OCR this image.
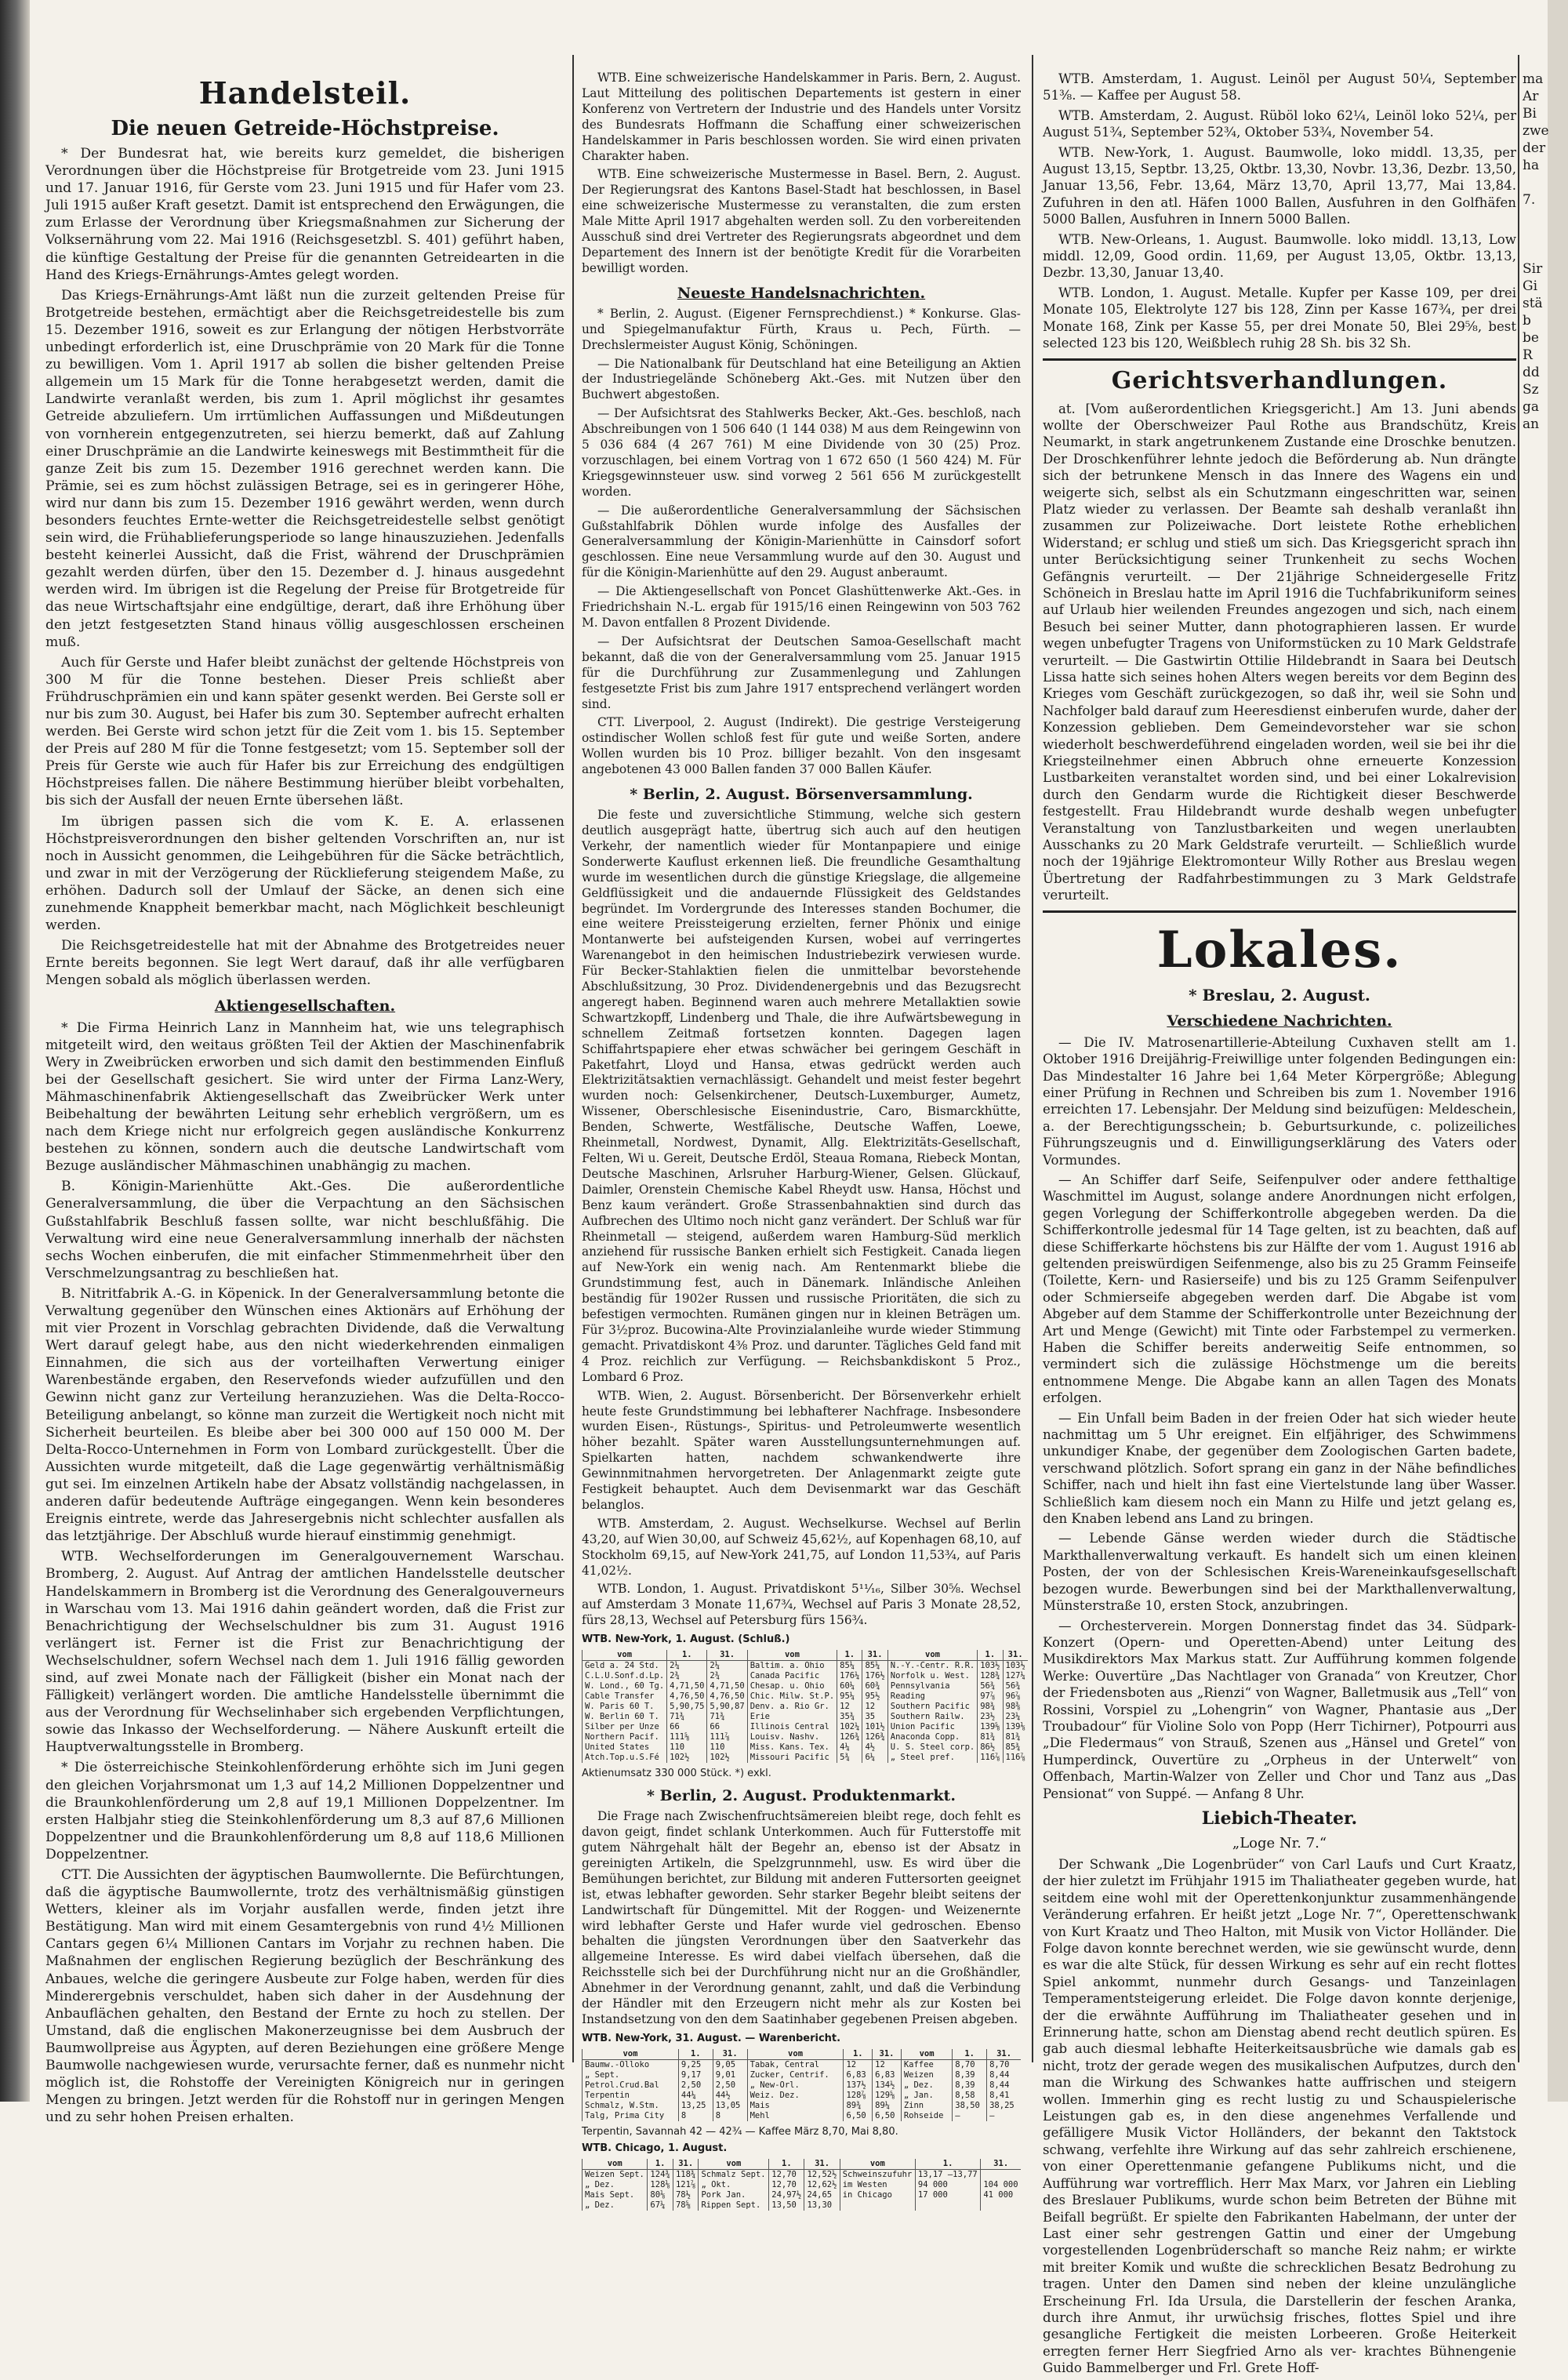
Handelsteil.
Die neuen Getreide-Höchstpreise.

* Der Bundesrat hat, wie bereits kurz gemeldet, die bisherigen Verordnungen über die Höchstpreise für Brotgetreide vom 23. Juni 1915 und 17. Januar 1916, für Gerste vom 23. Juni 1915 und für Hafer vom 23. Juli 1915 außer Kraft gesetzt. Damit ist entsprechend den Erwägungen, die zum Erlasse der Verordnung über Kriegsmaßnahmen zur Sicherung der Volksernährung vom 22. Mai 1916 (Reichsgesetzbl. S. 401) geführt haben, die künftige Gestaltung der Preise für die genannten Getreidearten in die Hand des Kriegs-Ernährungs-Amtes gelegt worden.

Das Kriegs-Ernährungs-Amt läßt nun die zurzeit geltenden Preise für Brotgetreide bestehen, ermächtigt aber die Reichsgetreidestelle bis zum 15. Dezember 1916, soweit es zur Erlangung der nötigen Herbstvorräte unbedingt erforderlich ist, eine Druschprämie von 20 Mark für die Tonne zu bewilligen. Vom 1. April 1917 ab sollen die bisher geltenden Preise allgemein um 15 Mark für die Tonne herabgesetzt werden, damit die Landwirte veranlaßt werden, bis zum 1. April möglichst ihr gesamtes Getreide abzuliefern. Um irrtümlichen Auffassungen und Mißdeutungen von vornherein entgegenzutreten, sei hierzu bemerkt, daß auf Zahlung einer Druschprämie an die Landwirte keineswegs mit Bestimmtheit für die ganze Zeit bis zum 15. Dezember 1916 gerechnet werden kann. Die Prämie, sei es zum höchst zulässigen Betrage, sei es in geringerer Höhe, wird nur dann bis zum 15. Dezember 1916 gewährt werden, wenn durch besonders feuchtes Ernte-wetter die Reichsgetreidestelle selbst genötigt sein wird, die Frühablieferungsperiode so lange hinauszuziehen. Jedenfalls besteht keinerlei Aussicht, daß die Frist, während der Druschprämien gezahlt werden dürfen, über den 15. Dezember d. J. hinaus ausgedehnt werden wird. Im übrigen ist die Regelung der Preise für Brotgetreide für das neue Wirtschaftsjahr eine endgültige, derart, daß ihre Erhöhung über den jetzt festgesetzten Stand hinaus völlig ausgeschlossen erscheinen muß.

Auch für Gerste und Hafer bleibt zunächst der geltende Höchstpreis von 300 M für die Tonne bestehen. Dieser Preis schließt aber Frühdruschprämien ein und kann später gesenkt werden. Bei Gerste soll er nur bis zum 30. August, bei Hafer bis zum 30. September aufrecht erhalten werden. Bei Gerste wird schon jetzt für die Zeit vom 1. bis 15. September der Preis auf 280 M für die Tonne festgesetzt; vom 15. September soll der Preis für Gerste wie auch für Hafer bis zur Erreichung des endgültigen Höchstpreises fallen. Die nähere Bestimmung hierüber bleibt vorbehalten, bis sich der Ausfall der neuen Ernte übersehen läßt.

Im übrigen passen sich die vom K. E. A. erlassenen Höchstpreisverordnungen den bisher geltenden Vorschriften an, nur ist noch in Aussicht genommen, die Leihgebühren für die Säcke beträchtlich, und zwar in mit der Verzögerung der Rücklieferung steigendem Maße, zu erhöhen. Dadurch soll der Umlauf der Säcke, an denen sich eine zunehmende Knappheit bemerkbar macht, nach Möglichkeit beschleunigt werden.

Die Reichsgetreidestelle hat mit der Abnahme des Brotgetreides neuer Ernte bereits begonnen. Sie legt Wert darauf, daß ihr alle verfügbaren Mengen sobald als möglich überlassen werden.

Aktiengesellschaften.

* Die Firma Heinrich Lanz in Mannheim hat, wie uns telegraphisch mitgeteilt wird, den weitaus größten Teil der Aktien der Maschinenfabrik Wery in Zweibrücken erworben und sich damit den bestimmenden Einfluß bei der Gesellschaft gesichert. Sie wird unter der Firma Lanz-Wery, Mähmaschinenfabrik Aktiengesellschaft das Zweibrücker Werk unter Beibehaltung der bewährten Leitung sehr erheblich vergrößern, um es nach dem Kriege nicht nur erfolgreich gegen ausländische Konkurrenz bestehen zu können, sondern auch die deutsche Landwirtschaft vom Bezuge ausländischer Mähmaschinen unabhängig zu machen.

B. Königin-Marienhütte Akt.-Ges. Die außerordentliche Generalversammlung, die über die Verpachtung an den Sächsischen Gußstahlfabrik Beschluß fassen sollte, war nicht beschlußfähig. Die Verwaltung wird eine neue Generalversammlung innerhalb der nächsten sechs Wochen einberufen, die mit einfacher Stimmenmehrheit über den Verschmelzungsantrag zu beschließen hat.

B. Nitritfabrik A.-G. in Köpenick. In der Generalversammlung betonte die Verwaltung gegenüber den Wünschen eines Aktionärs auf Erhöhung der mit vier Prozent in Vorschlag gebrachten Dividende, daß die Verwaltung Wert darauf gelegt habe, aus den nicht wiederkehrenden einmaligen Einnahmen, die sich aus der vorteilhaften Verwertung einiger Warenbestände ergaben, den Reservefonds wieder aufzufüllen und den Gewinn nicht ganz zur Verteilung heranzuziehen. Was die Delta-Rocco-Beteiligung anbelangt, so könne man zurzeit die Wertigkeit noch nicht mit Sicherheit beurteilen. Es bleibe aber bei 300 000 auf 150 000 M. Der Delta-Rocco-Unternehmen in Form von Lombard zurückgestellt. Über die Aussichten wurde mitgeteilt, daß die Lage gegenwärtig verhältnismäßig gut sei. Im einzelnen Artikeln habe der Absatz vollständig nachgelassen, in anderen dafür bedeutende Aufträge eingegangen. Wenn kein besonderes Ereignis eintrete, werde das Jahresergebnis nicht schlechter ausfallen als das letztjährige. Der Abschluß wurde hierauf einstimmig genehmigt.

WTB. Wechselforderungen im Generalgouvernement Warschau. Bromberg, 2. August. Auf Antrag der amtlichen Handelsstelle deutscher Handelskammern in Bromberg ist die Verordnung des Generalgouverneurs in Warschau vom 13. Mai 1916 dahin geändert worden, daß die Frist zur Benachrichtigung der Wechselschuldner bis zum 31. August 1916 verlängert ist. Ferner ist die Frist zur Benachrichtigung der Wechselschuldner, sofern Wechsel nach dem 1. Juli 1916 fällig geworden sind, auf zwei Monate nach der Fälligkeit (bisher ein Monat nach der Fälligkeit) verlängert worden. Die amtliche Handelsstelle übernimmt die aus der Verordnung für Wechselinhaber sich ergebenden Verpflichtungen, sowie das Inkasso der Wechselforderung. — Nähere Auskunft erteilt die Hauptverwaltungsstelle in Bromberg.

* Die österreichische Steinkohlenförderung erhöhte sich im Juni gegen den gleichen Vorjahrsmonat um 1,3 auf 14,2 Millionen Doppelzentner und die Braunkohlenförderung um 2,8 auf 19,1 Millionen Doppelzentner. Im ersten Halbjahr stieg die Steinkohlenförderung um 8,3 auf 87,6 Millionen Doppelzentner und die Braunkohlenförderung um 8,8 auf 118,6 Millionen Doppelzentner.

CTT. Die Aussichten der ägyptischen Baumwollernte. Die Befürchtungen, daß die ägyptische Baumwollernte, trotz des verhältnismäßig günstigen Wetters, kleiner als im Vorjahr ausfallen werde, finden jetzt ihre Bestätigung. Man wird mit einem Gesamtergebnis von rund 4½ Millionen Cantars gegen 6¼ Millionen Cantars im Vorjahr zu rechnen haben. Die Maßnahmen der englischen Regierung bezüglich der Beschränkung des Anbaues, welche die geringere Ausbeute zur Folge haben, werden für dies Minderergebnis verschuldet, haben sich daher in der Ausdehnung der Anbauflächen gehalten, den Bestand der Ernte zu hoch zu stellen. Der Umstand, daß die englischen Makonerzeugnisse bei dem Ausbruch der Baumwollpreise aus Ägypten, auf deren Beziehungen eine größere Menge Baumwolle nachgewiesen wurde, verursachte ferner, daß es nunmehr nicht möglich ist, die Rohstoffe der Vereinigten Königreich nur in geringen Mengen zu bringen. Jetzt werden für die Rohstoff nur in geringen Mengen und zu sehr hohen Preisen erhalten.

WTB. Eine schweizerische Handelskammer in Paris. Bern, 2. August. Laut Mitteilung des politischen Departements ist gestern in einer Konferenz von Vertretern der Industrie und des Handels unter Vorsitz des Bundesrats Hoffmann die Schaffung einer schweizerischen Handelskammer in Paris beschlossen worden. Sie wird einen privaten Charakter haben.

WTB. Eine schweizerische Mustermesse in Basel. Bern, 2. August. Der Regierungsrat des Kantons Basel-Stadt hat beschlossen, in Basel eine schweizerische Mustermesse zu veranstalten, die zum ersten Male Mitte April 1917 abgehalten werden soll. Zu den vorbereitenden Ausschuß sind drei Vertreter des Regierungsrats abgeordnet und dem Departement des Innern ist der benötigte Kredit für die Vorarbeiten bewilligt worden.

Neueste Handelsnachrichten.

* Berlin, 2. August. (Eigener Fernsprechdienst.) * Konkurse. Glas- und Spiegelmanufaktur Fürth, Kraus u. Pech, Fürth. — Drechslermeister August König, Schöningen.

— Die Nationalbank für Deutschland hat eine Beteiligung an Aktien der Industriegelände Schöneberg Akt.-Ges. mit Nutzen über den Buchwert abgestoßen.

— Der Aufsichtsrat des Stahlwerks Becker, Akt.-Ges. beschloß, nach Abschreibungen von 1 506 640 (1 144 038) M aus dem Reingewinn von 5 036 684 (4 267 761) M eine Dividende von 30 (25) Proz. vorzuschlagen, bei einem Vortrag von 1 672 650 (1 560 424) M. Für Kriegsgewinnsteuer usw. sind vorweg 2 561 656 M zurückgestellt worden.

— Die außerordentliche Generalversammlung der Sächsischen Gußstahlfabrik Döhlen wurde infolge des Ausfalles der Generalversammlung der Königin-Marienhütte in Cainsdorf sofort geschlossen. Eine neue Versammlung wurde auf den 30. August und für die Königin-Marienhütte auf den 29. August anberaumt.

— Die Aktiengesellschaft von Poncet Glashüttenwerke Akt.-Ges. in Friedrichshain N.-L. ergab für 1915/16 einen Reingewinn von 503 762 M. Davon entfallen 8 Prozent Dividende.

— Der Aufsichtsrat der Deutschen Samoa-Gesellschaft macht bekannt, daß die von der Generalversammlung vom 25. Januar 1915 für die Durchführung zur Zusammenlegung und Zahlungen festgesetzte Frist bis zum Jahre 1917 entsprechend verlängert worden sind.

CTT. Liverpool, 2. August (Indirekt). Die gestrige Versteigerung ostindischer Wollen schloß fest für gute und weiße Sorten, andere Wollen wurden bis 10 Proz. billiger bezahlt. Von den insgesamt angebotenen 43 000 Ballen fanden 37 000 Ballen Käufer.

* Berlin, 2. August. Börsenversammlung.

Die feste und zuversichtliche Stimmung, welche sich gestern deutlich ausgeprägt hatte, übertrug sich auch auf den heutigen Verkehr, der namentlich wieder für Montanpapiere und einige Sonderwerte Kauflust erkennen ließ. Die freundliche Gesamthaltung wurde im wesentlichen durch die günstige Kriegslage, die allgemeine Geldflüssigkeit und die andauernde Flüssigkeit des Geldstandes begründet. Im Vordergrunde des Interesses standen Bochumer, die eine weitere Preissteigerung erzielten, ferner Phönix und einige Montanwerte bei aufsteigenden Kursen, wobei auf verringertes Warenangebot in den heimischen Industriebezirk verwiesen wurde. Für Becker-Stahlaktien fielen die unmittelbar bevorstehende Abschlußsitzung, 30 Proz. Dividendenergebnis und das Bezugsrecht angeregt haben. Beginnend waren auch mehrere Metallaktien sowie Schwartzkopff, Lindenberg und Thale, die ihre Aufwärtsbewegung in schnellem Zeitmaß fortsetzen konnten. Dagegen lagen Schiffahrtspapiere eher etwas schwächer bei geringem Geschäft in Paketfahrt, Lloyd und Hansa, etwas gedrückt werden auch Elektrizitätsaktien vernachlässigt. Gehandelt und meist fester begehrt wurden noch: Gelsenkirchener, Deutsch-Luxemburger, Aumetz, Wissener, Oberschlesische Eisenindustrie, Caro, Bismarckhütte, Benden, Schwerte, Westfälische, Deutsche Waffen, Loewe, Rheinmetall, Nordwest, Dynamit, Allg. Elektrizitäts-Gesellschaft, Felten, Wi u. Gereit, Deutsche Erdöl, Steaua Romana, Riebeck Montan, Deutsche Maschinen, Arlsruher Harburg-Wiener, Gelsen. Glückauf, Daimler, Orenstein Chemische Kabel Rheydt usw. Hansa, Höchst und Benz kaum verändert. Große Strassenbahnaktien sind durch das Aufbrechen des Ultimo noch nicht ganz verändert. Der Schluß war für Rheinmetall — steigend, außerdem waren Hamburg-Süd merklich anziehend für russische Banken erhielt sich Festigkeit. Canada liegen auf New-York ein wenig nach. Am Rentenmarkt bliebe die Grundstimmung fest, auch in Dänemark. Inländische Anleihen beständig für 1902er Russen und russische Prioritäten, die sich zu befestigen vermochten. Rumänen gingen nur in kleinen Beträgen um. Für 3½proz. Bucowina-Alte Provinzialanleihe wurde wieder Stimmung gemacht. Privatdiskont 4⅜ Proz. und darunter. Tägliches Geld fand mit 4 Proz. reichlich zur Verfügung. — Reichsbankdiskont 5 Proz., Lombard 6 Proz.

WTB. Wien, 2. August. Börsenbericht. Der Börsenverkehr erhielt heute feste Grundstimmung bei lebhafterer Nachfrage. Insbesondere wurden Eisen-, Rüstungs-, Spiritus- und Petroleumwerte wesentlich höher bezahlt. Später waren Ausstellungsunternehmungen auf. Spielkarten hatten, nachdem schwankendwerte ihre Gewinnmitnahmen hervorgetreten. Der Anlagenmarkt zeigte gute Festigkeit behauptet. Auch dem Devisenmarkt war das Geschäft belanglos.

WTB. Amsterdam, 2. August. Wechselkurse. Wechsel auf Berlin 43,20, auf Wien 30,00, auf Schweiz 45,62½, auf Kopenhagen 68,10, auf Stockholm 69,15, auf New-York 241,75, auf London 11,53¾, auf Paris 41,02½.

WTB. London, 1. August. Privatdiskont 5¹¹⁄₁₆, Silber 30⅝. Wechsel auf Amsterdam 3 Monate 11,67¾, Wechsel auf Paris 3 Monate 28,52, fürs 28,13, Wechsel auf Petersburg fürs 156¾.

WTB. New-York, 1. August. (Schluß.)
vom	1.	31.	vom	1.	31.	vom	1.	31.
Geld a. 24 Std.	2¼	2¼	Baltim. a. Ohio	85¼	85¼	N.-Y.-Centr. R.R.	103½	103½
C.L.U.Sonf.d.Lp.	2¾	2¾	Canada Pacific	176¼	176½	Norfolk u. West.	128¾	127¼
W. Lond., 60 Tg.	4,71,50	4,71,50	Chesap. u. Ohio	60¼	60¾	Pennsylvania	56¾	56¾
Cable Transfer	4,76,50	4,76,50	Chic. Milw. St.P.	95¼	95½	Reading	97⅞	96⅞
W. Paris 60 T.	5,90,75	5,90,87	Denv. a. Rio Gr.	12	12	Southern Pacific	98¾	98⅜
W. Berlin 60 T.	71¾	71¾	Erie	35¾	35	Southern Railw.	23½	23¼
Silber per Unze	66	66	Illinois Central	102¼	101½	Union Pacific	139⅝	139⅛
Northern Pacif.	111⅝	111⅞	Louisv. Nashv.	126¾	126¾	Anaconda Copp.	81¾	81¾
United States	110	110	Miss. Kans. Tex.	4¼	4½	U. S. Steel corp.	86½	85¾
Atch.Top.u.S.Fé	102½	102½	Missouri Pacific	5¾	6¼	„ Steel pref.	116⅞	116⅞
Aktienumsatz 330 000 Stück. *) exkl.
* Berlin, 2. August. Produktenmarkt.

Die Frage nach Zwischenfruchtsämereien bleibt rege, doch fehlt es davon geigt, findet schlank Unterkommen. Auch für Futterstoffe mit gutem Nährgehalt hält der Begehr an, ebenso ist der Absatz in gereinigten Artikeln, die Spelzgrunnmehl, usw. Es wird über die Bemühungen berichtet, zur Bildung mit anderen Futtersorten geeignet ist, etwas lebhafter geworden. Sehr starker Begehr bleibt seitens der Landwirtschaft für Düngemittel. Mit der Roggen- und Weizenernte wird lebhafter Gerste und Hafer wurde viel gedroschen. Ebenso behalten die jüngsten Verordnungen über den Saatverkehr das allgemeine Interesse. Es wird dabei vielfach übersehen, daß die Reichsstelle sich bei der Durchführung nicht nur an die Großhändler, Abnehmer in der Verordnung genannt, zahlt, und daß die Verbindung der Händler mit den Erzeugern nicht mehr als zur Kosten bei Instandsetzung von den dem Saatinhaber gegebenen Preisen abgeben.

WTB. New-York, 31. August. — Warenbericht.
vom	1.	31.	vom	1.	31.	vom	1.	31.
Baumw.-Olloko	9,25	9,05	Tabak, Central	12	12	Kaffee	8,70	8,70
„ Sept.	9,17	9,01	Zucker, Centrif.	6,83	6,83	Weizen	8,39	8,44
Petrol.Crud.Bal	2,50	2,50	„ New-Orl.	137½	134½	„ Dez.	8,39	8,44
Terpentin	44¼	44½	Weiz. Dez.	128⅞	129⅝	„ Jan.	8,58	8,41
Schmalz, W.Stm.	13,25	13,05	Mais	89¾	89¼	Zinn	38,50	38,25
Talg, Prima City	8	8	Mehl	6,50	6,50	Rohseide	—	—
Terpentin, Savannah 42 — 42¾ — Kaffee März 8,70, Mai 8,80.
WTB. Chicago, 1. August.
vom	1.	31.	vom	1.	31.	vom	1.	31.
Weizen Sept.	124¾	118¾	Schmalz Sept.	12,70	12,52½	Schweinszufuhr	13,17 —13,77	
„ Dez.	128⅛	121⅞	„ Okt.	12,70	12,62½	im Westen	94 000	104 000
Mais Sept.	80⅛	78½	Pork Jan.	24,97½	24,65	in Chicago	17 000	41 000
„ Dez.	67¼	78⅝	Rippen Sept.	13,50	13,30			

WTB. Amsterdam, 1. August. Leinöl per August 50¼, September 51⅜. — Kaffee per August 58.

WTB. Amsterdam, 2. August. Rüböl loko 62¼, Leinöl loko 52¼, per August 51¾, September 52¾, Oktober 53¾, November 54.

WTB. New-York, 1. August. Baumwolle, loko middl. 13,35, per August 13,15, Septbr. 13,25, Oktbr. 13,30, Novbr. 13,36, Dezbr. 13,50, Januar 13,56, Febr. 13,64, März 13,70, April 13,77, Mai 13,84. Zufuhren in den atl. Häfen 1000 Ballen, Ausfuhren in den Golfhäfen 5000 Ballen, Ausfuhren in Innern 5000 Ballen.

WTB. New-Orleans, 1. August. Baumwolle. loko middl. 13,13, Low middl. 12,09, Good ordin. 11,69, per August 13,05, Oktbr. 13,13, Dezbr. 13,30, Januar 13,40.

WTB. London, 1. August. Metalle. Kupfer per Kasse 109, per drei Monate 105, Elektrolyte 127 bis 128, Zinn per Kasse 167¾, per drei Monate 168, Zink per Kasse 55, per drei Monate 50, Blei 29⅝, best selected 123 bis 120, Weißblech ruhig 28 Sh. bis 32 Sh.

Gerichtsverhandlungen.

at. [Vom außerordentlichen Kriegsgericht.] Am 13. Juni abends wollte der Oberschweizer Paul Rothe aus Brandschütz, Kreis Neumarkt, in stark angetrunkenem Zustande eine Droschke benutzen. Der Droschkenführer lehnte jedoch die Beförderung ab. Nun drängte sich der betrunkene Mensch in das Innere des Wagens ein und weigerte sich, selbst als ein Schutzmann eingeschritten war, seinen Platz wieder zu verlassen. Der Beamte sah deshalb veranlaßt ihn zusammen zur Polizeiwache. Dort leistete Rothe erheblichen Widerstand; er schlug und stieß um sich. Das Kriegsgericht sprach ihn unter Berücksichtigung seiner Trunkenheit zu sechs Wochen Gefängnis verurteilt. — Der 21jährige Schneidergeselle Fritz Schöneich in Breslau hatte im April 1916 die Tuchfabrikuniform seines auf Urlaub hier weilenden Freundes angezogen und sich, nach einem Besuch bei seiner Mutter, dann photographieren lassen. Er wurde wegen unbefugter Tragens von Uniformstücken zu 10 Mark Geldstrafe verurteilt. — Die Gastwirtin Ottilie Hildebrandt in Saara bei Deutsch Lissa hatte sich seines hohen Alters wegen bereits vor dem Beginn des Krieges vom Geschäft zurückgezogen, so daß ihr, weil sie Sohn und Nachfolger bald darauf zum Heeresdienst einberufen wurde, daher der Konzession geblieben. Dem Gemeindevorsteher war sie schon wiederholt beschwerdeführend eingeladen worden, weil sie bei ihr die Kriegsteilnehmer einen Abbruch ohne erneuerte Konzession Lustbarkeiten veranstaltet worden sind, und bei einer Lokalrevision durch den Gendarm wurde die Richtigkeit dieser Beschwerde festgestellt. Frau Hildebrandt wurde deshalb wegen unbefugter Veranstaltung von Tanzlustbarkeiten und wegen unerlaubten Ausschanks zu 20 Mark Geldstrafe verurteilt. — Schließlich wurde noch der 19jährige Elektromonteur Willy Rother aus Breslau wegen Übertretung der Radfahrbestimmungen zu 3 Mark Geldstrafe verurteilt.

Lokales.
* Breslau, 2. August.
Verschiedene Nachrichten.

— Die IV. Matrosenartillerie-Abteilung Cuxhaven stellt am 1. Oktober 1916 Dreijährig-Freiwillige unter folgenden Bedingungen ein: Das Mindestalter 16 Jahre bei 1,64 Meter Körpergröße; Ablegung einer Prüfung in Rechnen und Schreiben bis zum 1. November 1916 erreichten 17. Lebensjahr. Der Meldung sind beizufügen: Meldeschein, a. der Berechtigungsschein; b. Geburtsurkunde, c. polizeiliches Führungszeugnis und d. Einwilligungserklärung des Vaters oder Vormundes.

— An Schiffer darf Seife, Seifenpulver oder andere fetthaltige Waschmittel im August, solange andere Anordnungen nicht erfolgen, gegen Vorlegung der Schifferkontrolle abgegeben werden. Da die Schifferkontrolle jedesmal für 14 Tage gelten, ist zu beachten, daß auf diese Schifferkarte höchstens bis zur Hälfte der vom 1. August 1916 ab geltenden preiswürdigen Seifenmenge, also bis zu 25 Gramm Feinseife (Toilette, Kern- und Rasierseife) und bis zu 125 Gramm Seifenpulver oder Schmierseife abgegeben werden darf. Die Abgabe ist vom Abgeber auf dem Stamme der Schifferkontrolle unter Bezeichnung der Art und Menge (Gewicht) mit Tinte oder Farbstempel zu vermerken. Haben die Schiffer bereits anderweitig Seife entnommen, so vermindert sich die zulässige Höchstmenge um die bereits entnommene Menge. Die Abgabe kann an allen Tagen des Monats erfolgen.

— Ein Unfall beim Baden in der freien Oder hat sich wieder heute nachmittag um 5 Uhr ereignet. Ein elfjähriger, des Schwimmens unkundiger Knabe, der gegenüber dem Zoologischen Garten badete, verschwand plötzlich. Sofort sprang ein ganz in der Nähe befindliches Schiffer, nach und hielt ihn fast eine Viertelstunde lang über Wasser. Schließlich kam diesem noch ein Mann zu Hilfe und jetzt gelang es, den Knaben lebend ans Land zu bringen.

— Lebende Gänse werden wieder durch die Städtische Markthallenverwaltung verkauft. Es handelt sich um einen kleinen Posten, der von der Schlesischen Kreis-Wareneinkaufsgesellschaft bezogen wurde. Bewerbungen sind bei der Markthallenverwaltung, Münsterstraße 10, ersten Stock, anzubringen.

— Orchesterverein. Morgen Donnerstag findet das 34. Südpark-Konzert (Opern- und Operetten-Abend) unter Leitung des Musikdirektors Max Markus statt. Zur Aufführung kommen folgende Werke: Ouvertüre „Das Nachtlager von Granada“ von Kreutzer, Chor der Friedensboten aus „Rienzi“ von Wagner, Balletmusik aus „Tell“ von Rossini, Vorspiel zu „Lohengrin“ von Wagner, Phantasie aus „Der Troubadour“ für Violine Solo von Popp (Herr Tichirner), Potpourri aus „Die Fledermaus“ von Strauß, Szenen aus „Hänsel und Gretel“ von Humperdinck, Ouvertüre zu „Orpheus in der Unterwelt“ von Offenbach, Martin-Walzer von Zeller und Chor und Tanz aus „Das Pensionat“ von Suppé. — Anfang 8 Uhr.

Liebich-Theater.
„Loge Nr. 7.“

Der Schwank „Die Logenbrüder“ von Carl Laufs und Curt Kraatz, der hier zuletzt im Frühjahr 1915 im Thaliatheater gegeben wurde, hat seitdem eine wohl mit der Operettenkonjunktur zusammenhängende Veränderung erfahren. Er heißt jetzt „Loge Nr. 7“, Operettenschwank von Kurt Kraatz und Theo Halton, mit Musik von Victor Holländer. Die Folge davon konnte berechnet werden, wie sie gewünscht wurde, denn es war die alte Stück, für dessen Wirkung es sehr auf ein recht flottes Spiel ankommt, nunmehr durch Gesangs- und Tanzeinlagen Temperamentsteigerung erleidet. Die Folge davon konnte derjenige, der die erwähnte Aufführung im Thaliatheater gesehen und in Erinnerung hatte, schon am Dienstag abend recht deutlich spüren. Es gab auch diesmal lebhafte Heiterkeitsausbrüche wie damals gab es nicht, trotz der gerade wegen des musikalischen Aufputzes, durch den man die Wirkung des Schwankes hatte auffrischen und steigern wollen. Immerhin ging es recht lustig zu und Schauspielerische Leistungen gab es, in den diese angenehmes Verfallende und gefälligere Musik Victor Holländers, der bekannt den Taktstock schwang, verfehlte ihre Wirkung auf das sehr zahlreich erschienene, von einer Operettenmanie gefangene Publikums nicht, und die Aufführung war vortrefflich. Herr Max Marx, vor Jahren ein Liebling des Breslauer Publikums, wurde schon beim Betreten der Bühne mit Beifall begrüßt. Er spielte den Fabrikanten Habelmann, der unter der Last einer sehr gestrengen Gattin und einer der Umgebung vorgestellenden Logenbrüderschaft so manche Reiz nahm; er wirkte mit breiter Komik und wußte die schrecklichen Besatz Bedrohung zu tragen. Unter den Damen sind neben der kleine unzulängliche Erscheinung Frl. Ida Ursula, die Darstellerin der feschen Aranka, durch ihre Anmut, ihr urwüchsig frisches, flottes Spiel und ihre gesangliche Fertigkeit die meisten Lorbeeren. Große Heiterkeit erregten ferner Herr Siegfried Arno als ver- krachtes Bühnengenie Guido Bammelberger und Frl. Grete Hoff-

ma
Ar
Bi
zwe
der
ha

7.

Sir
Gi
stä
b
be
R
dd
Sz
ga
an
